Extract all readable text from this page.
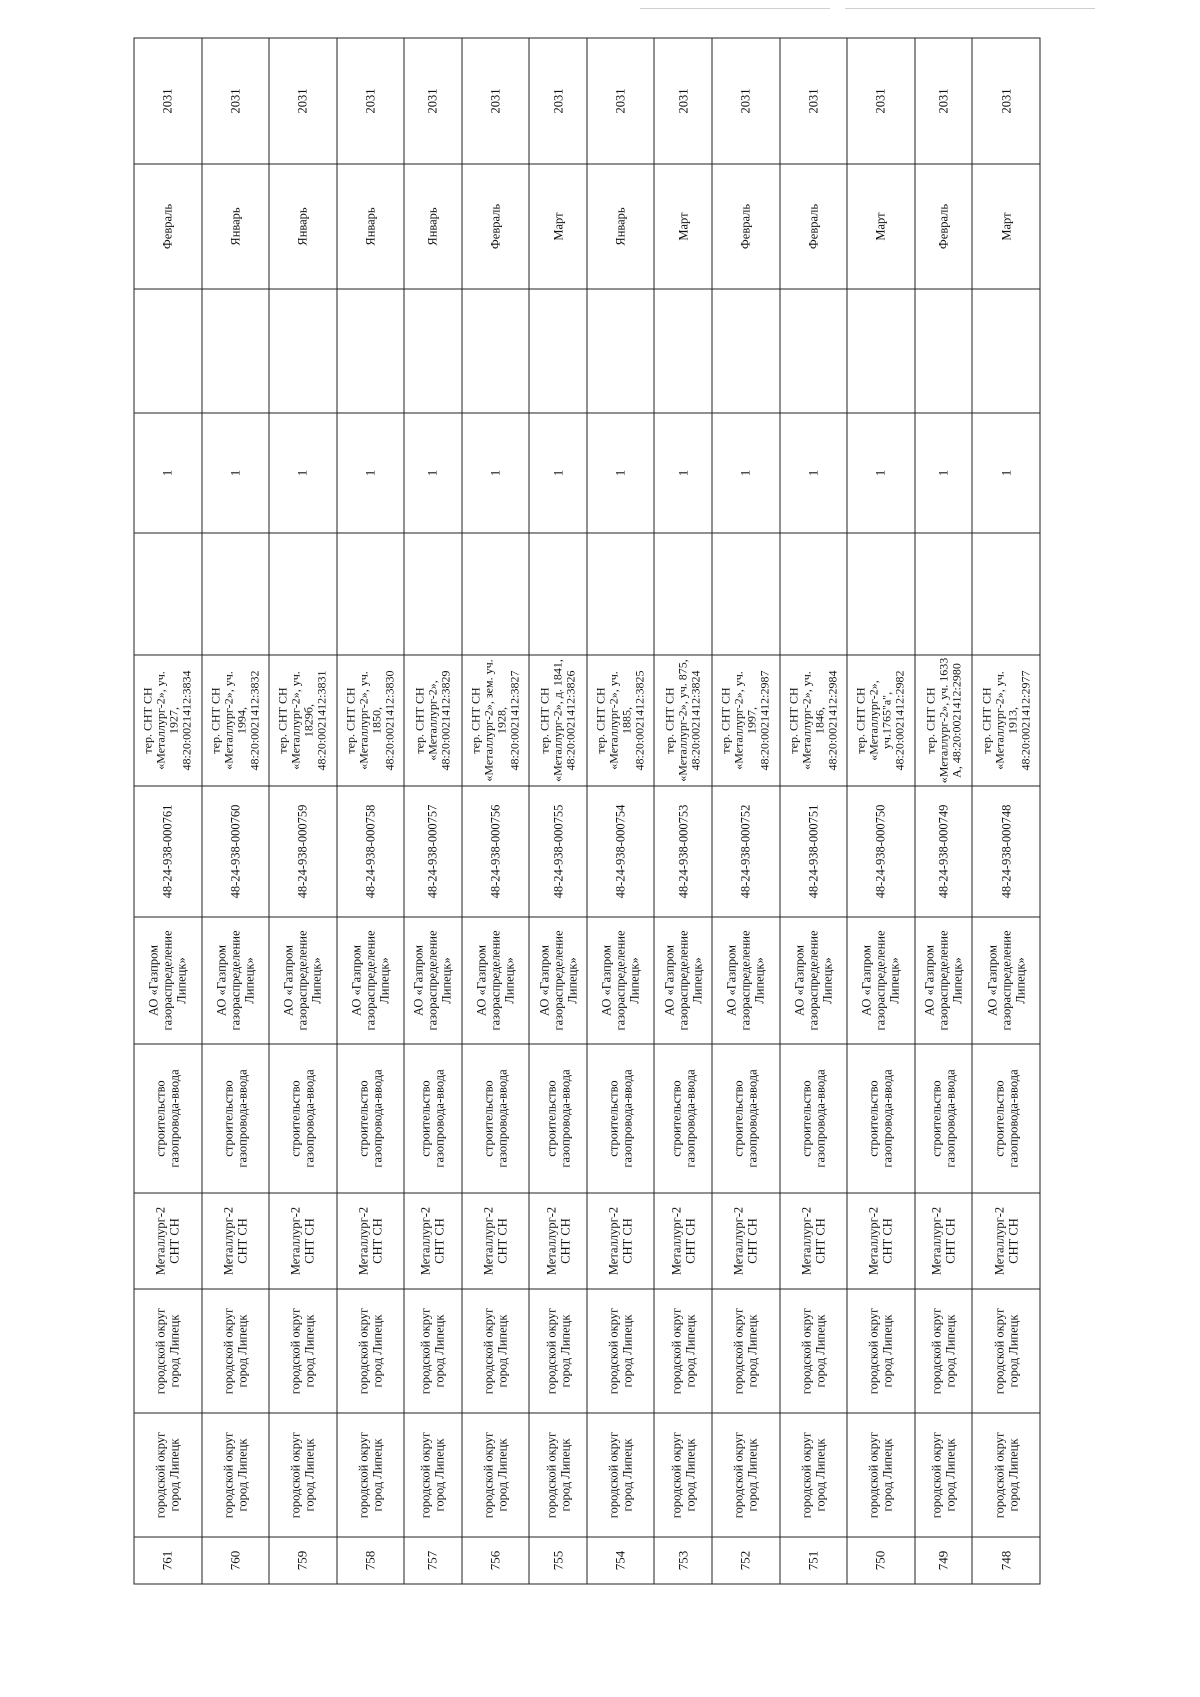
761	городской округ город Липецк	городской округ город Липецк	Металлург-2 СНТ СН	строительство газопровода-ввода	АО «Газпром газораспределение Липецк»	48-24-938-000761	тер. СНТ СН «Металлург-2», уч. 1927, 48:20:0021412:3834		1		Февраль	2031
760	городской округ город Липецк	городской округ город Липецк	Металлург-2 СНТ СН	строительство газопровода-ввода	АО «Газпром газораспределение Липецк»	48-24-938-000760	тер. СНТ СН «Металлург-2», уч. 1994, 48:20:0021412:3832		1		Январь	2031
759	городской округ город Липецк	городской округ город Липецк	Металлург-2 СНТ СН	строительство газопровода-ввода	АО «Газпром газораспределение Липецк»	48-24-938-000759	тер. СНТ СН «Металлург-2», уч. 1829б, 48:20:0021412:3831		1		Январь	2031
758	городской округ город Липецк	городской округ город Липецк	Металлург-2 СНТ СН	строительство газопровода-ввода	АО «Газпром газораспределение Липецк»	48-24-938-000758	тер. СНТ СН «Металлург-2», уч. 1850, 48:20:0021412:3830		1		Январь	2031
757	городской округ город Липецк	городской округ город Липецк	Металлург-2 СНТ СН	строительство газопровода-ввода	АО «Газпром газораспределение Липецк»	48-24-938-000757	тер. СНТ СН «Металлург-2», 48:20:0021412:3829		1		Январь	2031
756	городской округ город Липецк	городской округ город Липецк	Металлург-2 СНТ СН	строительство газопровода-ввода	АО «Газпром газораспределение Липецк»	48-24-938-000756	тер. СНТ СН «Металлург-2», зем. уч. 1928, 48:20:0021412:3827		1		Февраль	2031
755	городской округ город Липецк	городской округ город Липецк	Металлург-2 СНТ СН	строительство газопровода-ввода	АО «Газпром газораспределение Липецк»	48-24-938-000755	тер. СНТ СН «Металлург-2», д. 1841, 48:20:0021412:3826		1		Март	2031
754	городской округ город Липецк	городской округ город Липецк	Металлург-2 СНТ СН	строительство газопровода-ввода	АО «Газпром газораспределение Липецк»	48-24-938-000754	тер. СНТ СН «Металлург-2», уч. 1885, 48:20:0021412:3825		1		Январь	2031
753	городской округ город Липецк	городской округ город Липецк	Металлург-2 СНТ СН	строительство газопровода-ввода	АО «Газпром газораспределение Липецк»	48-24-938-000753	тер. СНТ СН «Металлург-2», уч. 875, 48:20:0021412:3824		1		Март	2031
752	городской округ город Липецк	городской округ город Липецк	Металлург-2 СНТ СН	строительство газопровода-ввода	АО «Газпром газораспределение Липецк»	48-24-938-000752	тер. СНТ СН «Металлург-2», уч. 1997, 48:20:0021412:2987		1		Февраль	2031
751	городской округ город Липецк	городской округ город Липецк	Металлург-2 СНТ СН	строительство газопровода-ввода	АО «Газпром газораспределение Липецк»	48-24-938-000751	тер. СНТ СН «Металлург-2», уч. 1846, 48:20:0021412:2984		1		Февраль	2031
750	городской округ город Липецк	городской округ город Липецк	Металлург-2 СНТ СН	строительство газопровода-ввода	АО «Газпром газораспределение Липецк»	48-24-938-000750	тер. СНТ СН «Металлург-2», уч.1765"а", 48:20:0021412:2982		1		Март	2031
749	городской округ город Липецк	городской округ город Липецк	Металлург-2 СНТ СН	строительство газопровода-ввода	АО «Газпром газораспределение Липецк»	48-24-938-000749	тер. СНТ СН «Металлург-2», уч. 1633 А, 48:20:0021412:2980		1		Февраль	2031
748	городской округ город Липецк	городской округ город Липецк	Металлург-2 СНТ СН	строительство газопровода-ввода	АО «Газпром газораспределение Липецк»	48-24-938-000748	тер. СНТ СН «Металлург-2», уч. 1913, 48:20:0021412:2977		1		Март	2031
